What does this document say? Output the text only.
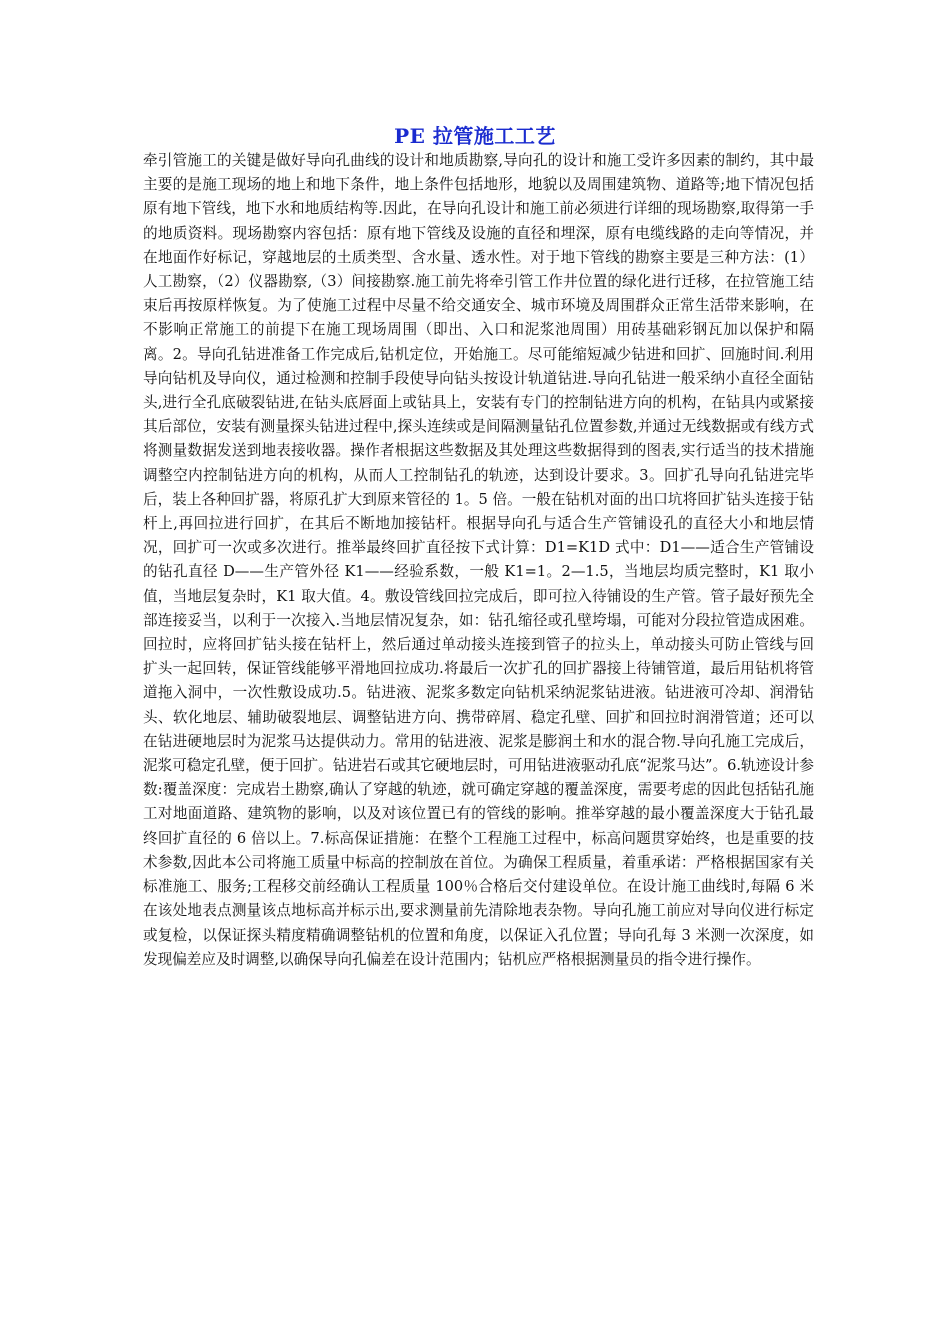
PE 拉管施工工艺

牵引管施工的关键是做好导向孔曲线的设计和地质勘察,导向孔的设计和施工受许多因素的制约，其中最主要的是施工现场的地上和地下条件，地上条件包括地形，地貌以及周围建筑物、道路等;地下情况包括原有地下管线，地下水和地质结构等.因此，在导向孔设计和施工前必须进行详细的现场勘察,取得第一手的地质资料。现场勘察内容包括：原有地下管线及设施的直径和埋深，原有电缆线路的走向等情况，并在地面作好标记，穿越地层的土质类型、含水量、透水性。对于地下管线的勘察主要是三种方法：(1）人工勘察，（2）仪器勘察,（3）间接勘察.施工前先将牵引管工作井位置的绿化进行迁移，在拉管施工结束后再按原样恢复。为了使施工过程中尽量不给交通安全、城市环境及周围群众正常生活带来影响，在不影响正常施工的前提下在施工现场周围（即出、入口和泥浆池周围）用砖基础彩钢瓦加以保护和隔离。2。导向孔钻进准备工作完成后,钻机定位，开始施工。尽可能缩短减少钻进和回扩、回施时间.利用导向钻机及导向仪，通过检测和控制手段使导向钻头按设计轨道钻进.导向孔钻进一般采纳小直径全面钻头,进行全孔底破裂钻进,在钻头底唇面上或钻具上，安装有专门的控制钻进方向的机构，在钻具内或紧接其后部位，安装有测量探头钻进过程中,探头连续或是间隔测量钻孔位置参数,并通过无线数据或有线方式将测量数据发送到地表接收器。操作者根据这些数据及其处理这些数据得到的图表,实行适当的技术措施调整空内控制钻进方向的机构，从而人工控制钻孔的轨迹，达到设计要求。3。回扩孔导向孔钻进完毕后，装上各种回扩器，将原孔扩大到原来管径的 1。5 倍。一般在钻机对面的出口坑将回扩钻头连接于钻杆上,再回拉进行回扩，在其后不断地加接钻杆。根据导向孔与适合生产管铺设孔的直径大小和地层情况，回扩可一次或多次进行。推举最终回扩直径按下式计算：D1=K1D 式中：D1——适合生产管铺设的钻孔直径 D——生产管外径 K1——经验系数，一般 K1=1。2—1.5，当地层均质完整时，K1 取小值，当地层复杂时，K1 取大值。4。敷设管线回拉完成后，即可拉入待铺设的生产管。管子最好预先全部连接妥当，以利于一次接入.当地层情况复杂，如：钻孔缩径或孔壁垮塌，可能对分段拉管造成困难。回拉时，应将回扩钻头接在钻杆上，然后通过单动接头连接到管子的拉头上，单动接头可防止管线与回扩头一起回转，保证管线能够平滑地回拉成功.将最后一次扩孔的回扩器接上待铺管道，最后用钻机将管道拖入洞中，一次性敷设成功.5。钻进液、泥浆多数定向钻机采纳泥浆钻进液。钻进液可冷却、润滑钻头、软化地层、辅助破裂地层、调整钻进方向、携带碎屑、稳定孔壁、回扩和回拉时润滑管道；还可以在钻进硬地层时为泥浆马达提供动力。常用的钻进液、泥浆是膨润土和水的混合物.导向孔施工完成后，泥浆可稳定孔壁，便于回扩。钻进岩石或其它硬地层时，可用钻进液驱动孔底“泥浆马达”。6.轨迹设计参数:覆盖深度：完成岩土勘察,确认了穿越的轨迹，就可确定穿越的覆盖深度，需要考虑的因此包括钻孔施工对地面道路、建筑物的影响，以及对该位置已有的管线的影响。推举穿越的最小覆盖深度大于钻孔最终回扩直径的 6 倍以上。7.标高保证措施：在整个工程施工过程中，标高问题贯穿始终，也是重要的技术参数,因此本公司将施工质量中标高的控制放在首位。为确保工程质量，着重承诺：严格根据国家有关标准施工、服务;工程移交前经确认工程质量 100％合格后交付建设单位。在设计施工曲线时,每隔 6 米在该处地表点测量该点地标高并标示出,要求测量前先清除地表杂物。导向孔施工前应对导向仪进行标定或复检，以保证探头精度精确调整钻机的位置和角度，以保证入孔位置；导向孔每 3 米测一次深度，如发现偏差应及时调整,以确保导向孔偏差在设计范围内；钻机应严格根据测量员的指令进行操作。
